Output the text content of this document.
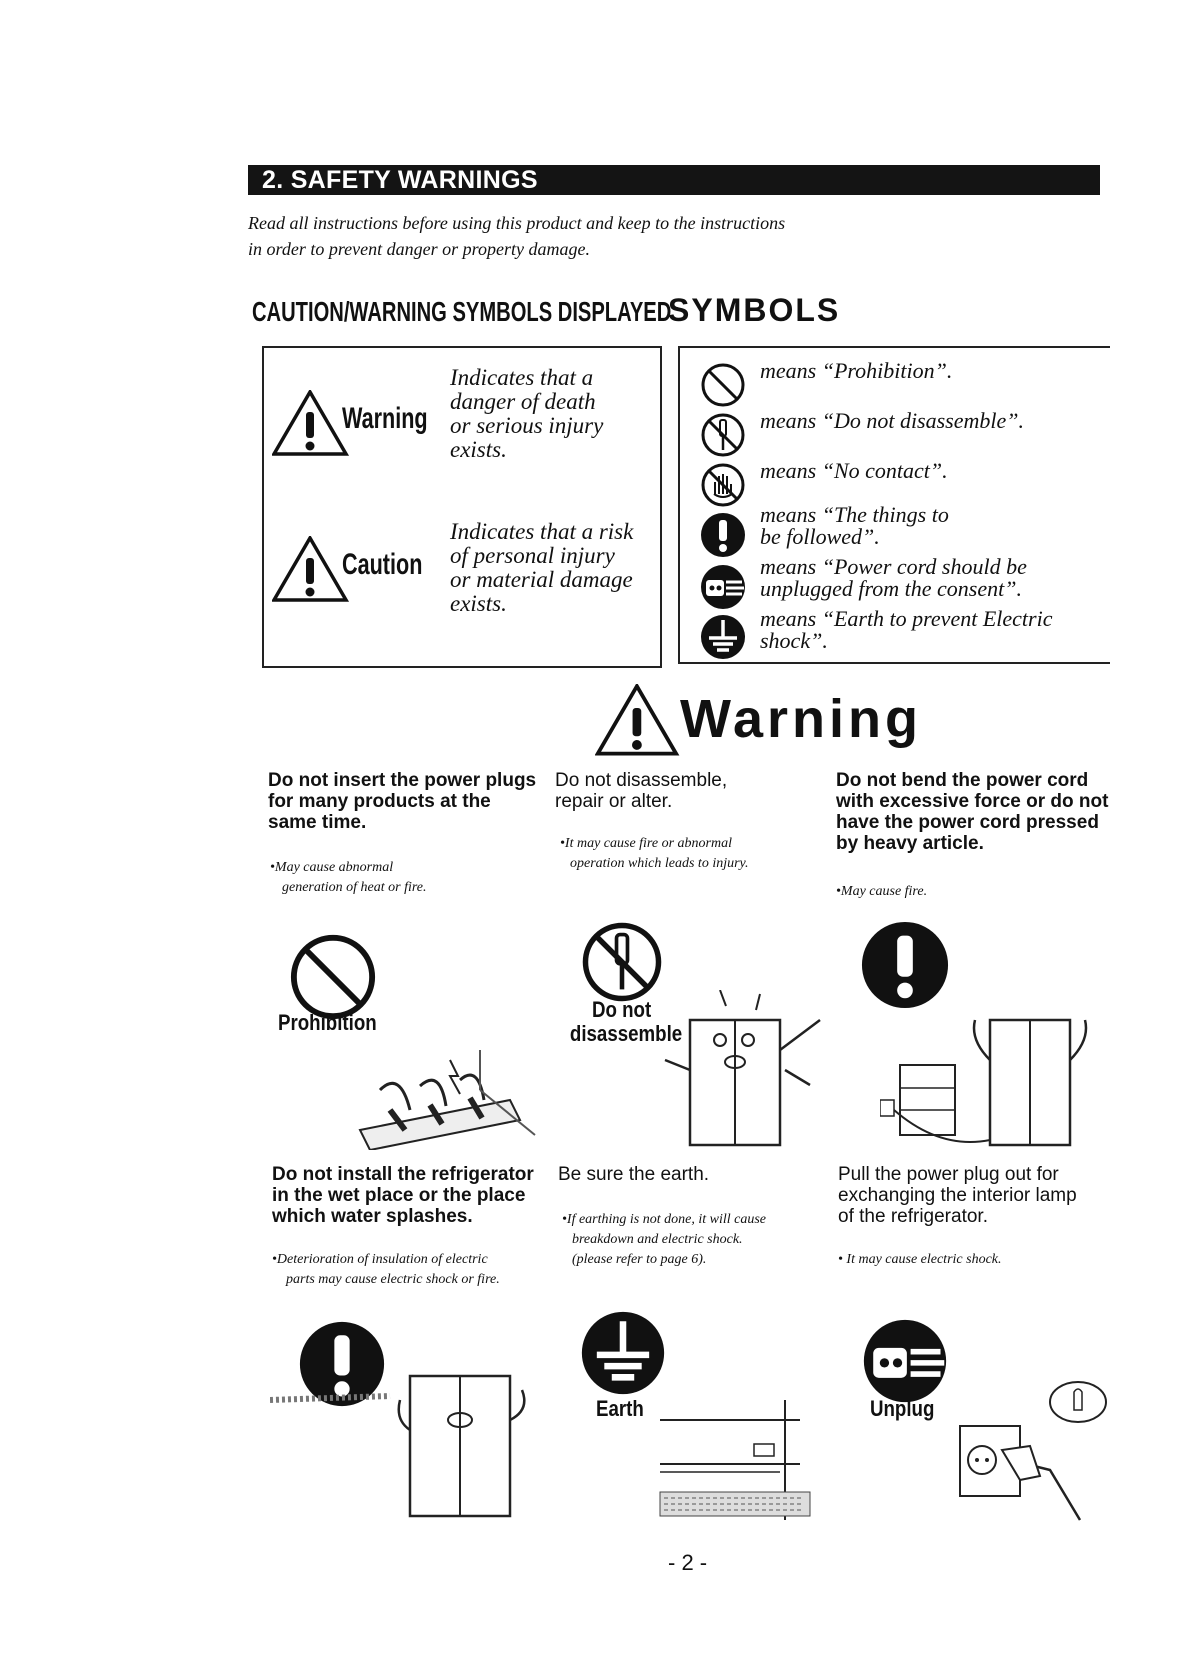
2. SAFETY WARNINGS
Read all instructions before using this product and keep to the instructions
in order to prevent danger or property damage.
CAUTION/WARNING SYMBOLS DISPLAYED
SYMBOLS
Warning
Indicates that a
danger of death
or serious injury
exists.
Caution
Indicates that a risk
of personal injury
or material damage
exists.
means “Prohibition”.
means “Do not disassemble”.
means “No contact”.
means “The things to
be followed”.
means “Power cord should be
unplugged from the consent”.
means “Earth to prevent Electric
shock”.
Warning
Do not insert the power plugs
for many products at the
same time.
•May cause abnormal
generation of heat or fire.
Prohibition
Do not disassemble,
repair or alter.
•It may cause fire or abnormal
operation which leads to injury.
Do not
disassemble
Do not bend the power cord
with excessive force or do not
have the power cord pressed
by heavy article.
•May cause fire.
Do not install the refrigerator
in the wet place or the place
which water splashes.
•Deterioration of insulation of electric
parts may cause electric shock or fire.
Be sure the earth.
•If earthing is not done, it will cause
breakdown and electric shock.
(please refer to page 6).
Earth
Pull the power plug out for
exchanging the interior lamp
of the refrigerator.
• It may cause electric shock.
Unplug
- 2 -
